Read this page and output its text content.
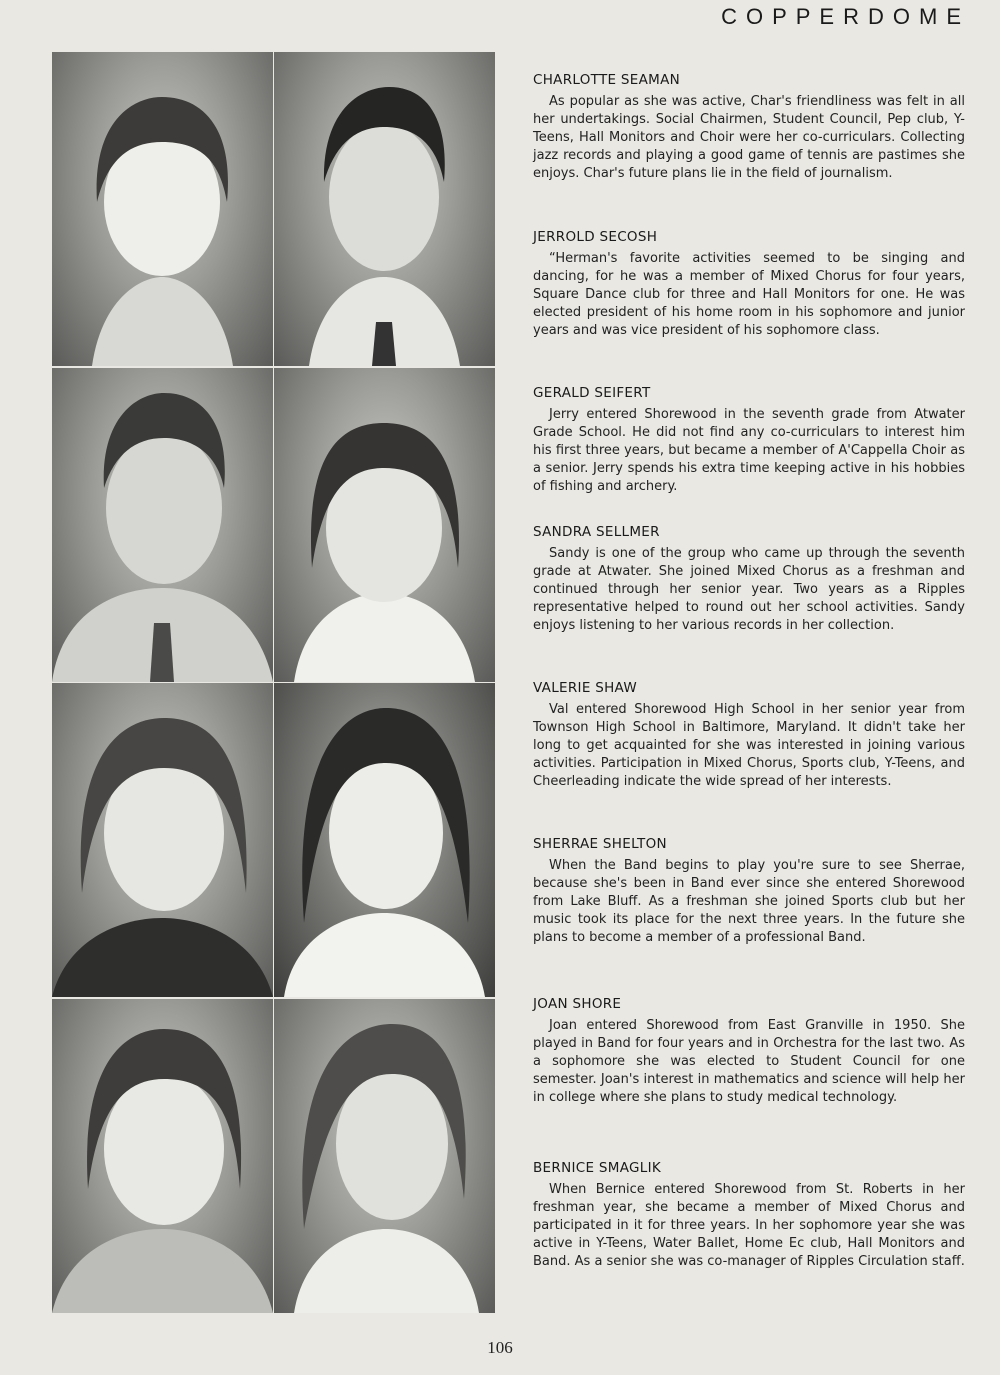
COPPERDOME
CHARLOTTE SEAMAN

As popular as she was active, Char's friendliness was felt in all her undertakings. Social Chairmen, Student Council, Pep club, Y-Teens, Hall Monitors and Choir were her co-curriculars. Collecting jazz records and playing a good game of tennis are pastimes she enjoys. Char's future plans lie in the field of journalism.

JERROLD SECOSH

“Herman's favorite activities seemed to be singing and dancing, for he was a member of Mixed Chorus for four years, Square Dance club for three and Hall Monitors for one. He was elected president of his home room in his sophomore and junior years and was vice president of his sophomore class.

GERALD SEIFERT

Jerry entered Shorewood in the seventh grade from Atwater Grade School. He did not find any co-curriculars to interest him his first three years, but became a member of A'Cappella Choir as a senior. Jerry spends his extra time keeping active in his hobbies of fishing and archery.

SANDRA SELLMER

Sandy is one of the group who came up through the seventh grade at Atwater. She joined Mixed Chorus as a freshman and continued through her senior year. Two years as a Ripples representative helped to round out her school activities. Sandy enjoys listening to her various records in her collection.

VALERIE SHAW

Val entered Shorewood High School in her senior year from Townson High School in Baltimore, Maryland. It didn't take her long to get acquainted for she was interested in joining various activities. Participation in Mixed Chorus, Sports club, Y-Teens, and Cheerleading indicate the wide spread of her interests.

SHERRAE SHELTON

When the Band begins to play you're sure to see Sherrae, because she's been in Band ever since she entered Shorewood from Lake Bluff. As a freshman she joined Sports club but her music took its place for the next three years. In the future she plans to become a member of a professional Band.

JOAN SHORE

Joan entered Shorewood from East Granville in 1950. She played in Band for four years and in Orchestra for the last two. As a sophomore she was elected to Student Council for one semester. Joan's interest in mathematics and science will help her in college where she plans to study medical technology.

BERNICE SMAGLIK

When Bernice entered Shorewood from St. Roberts in her freshman year, she became a member of Mixed Chorus and participated in it for three years. In her sophomore year she was active in Y-Teens, Water Ballet, Home Ec club, Hall Monitors and Band. As a senior she was co-manager of Ripples Circulation staff.

106
